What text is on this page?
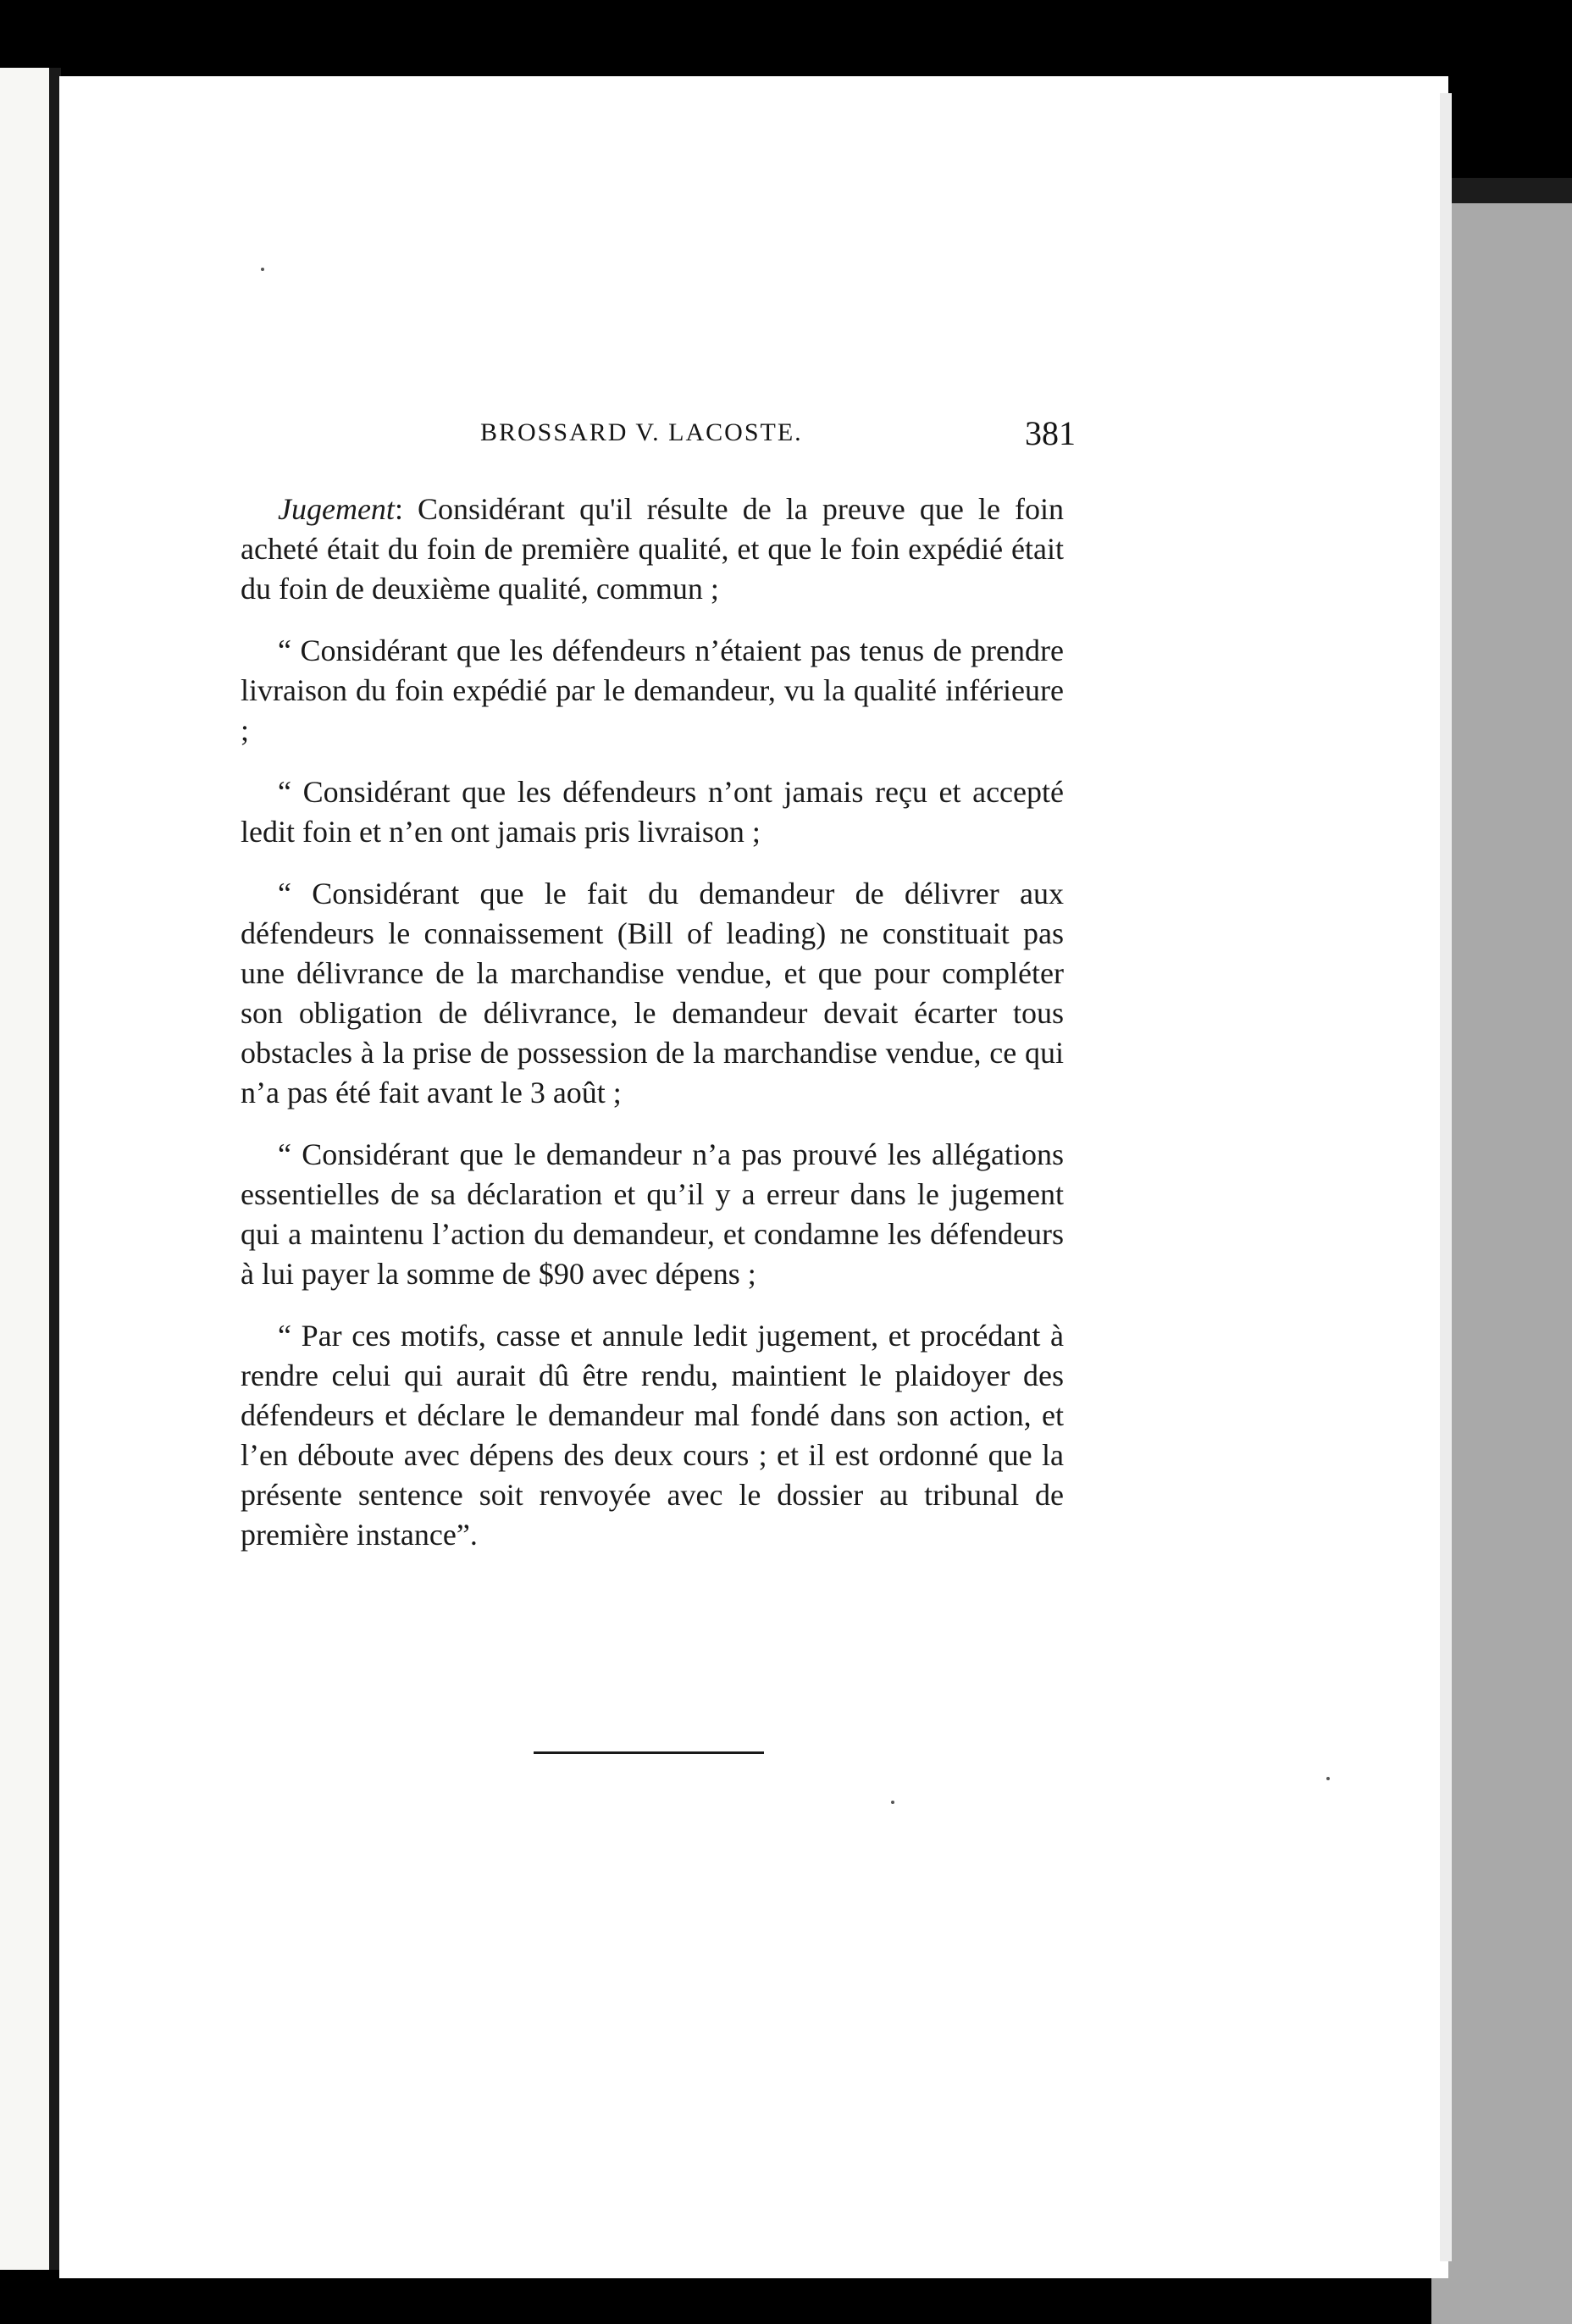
BROSSARD V. LACOSTE.	381

Jugement: Considérant qu'il résulte de la preuve que le foin acheté était du foin de première qualité, et que le foin expédié était du foin de deuxième qualité, commun ;

“ Considérant que les défendeurs n’étaient pas tenus de prendre livraison du foin expédié par le demandeur, vu la qualité inférieure ;

“ Considérant que les défendeurs n’ont jamais reçu et accepté ledit foin et n’en ont jamais pris livraison ;

“ Considérant que le fait du demandeur de délivrer aux défendeurs le connaissement (Bill of leading) ne constituait pas une délivrance de la marchandise vendue, et que pour compléter son obligation de délivrance, le demandeur devait écarter tous obstacles à la prise de possession de la marchandise vendue, ce qui n’a pas été fait avant le 3 août ;

“ Considérant que le demandeur n’a pas prouvé les allégations essentielles de sa déclaration et qu’il y a erreur dans le jugement qui a maintenu l’action du demandeur, et condamne les défendeurs à lui payer la somme de $90 avec dépens ;

“ Par ces motifs, casse et annule ledit jugement, et procédant à rendre celui qui aurait dû être rendu, maintient le plaidoyer des défendeurs et déclare le demandeur mal fondé dans son action, et l’en déboute avec dépens des deux cours ; et il est ordonné que la présente sentence soit renvoyée avec le dossier au tribunal de première instance”.
